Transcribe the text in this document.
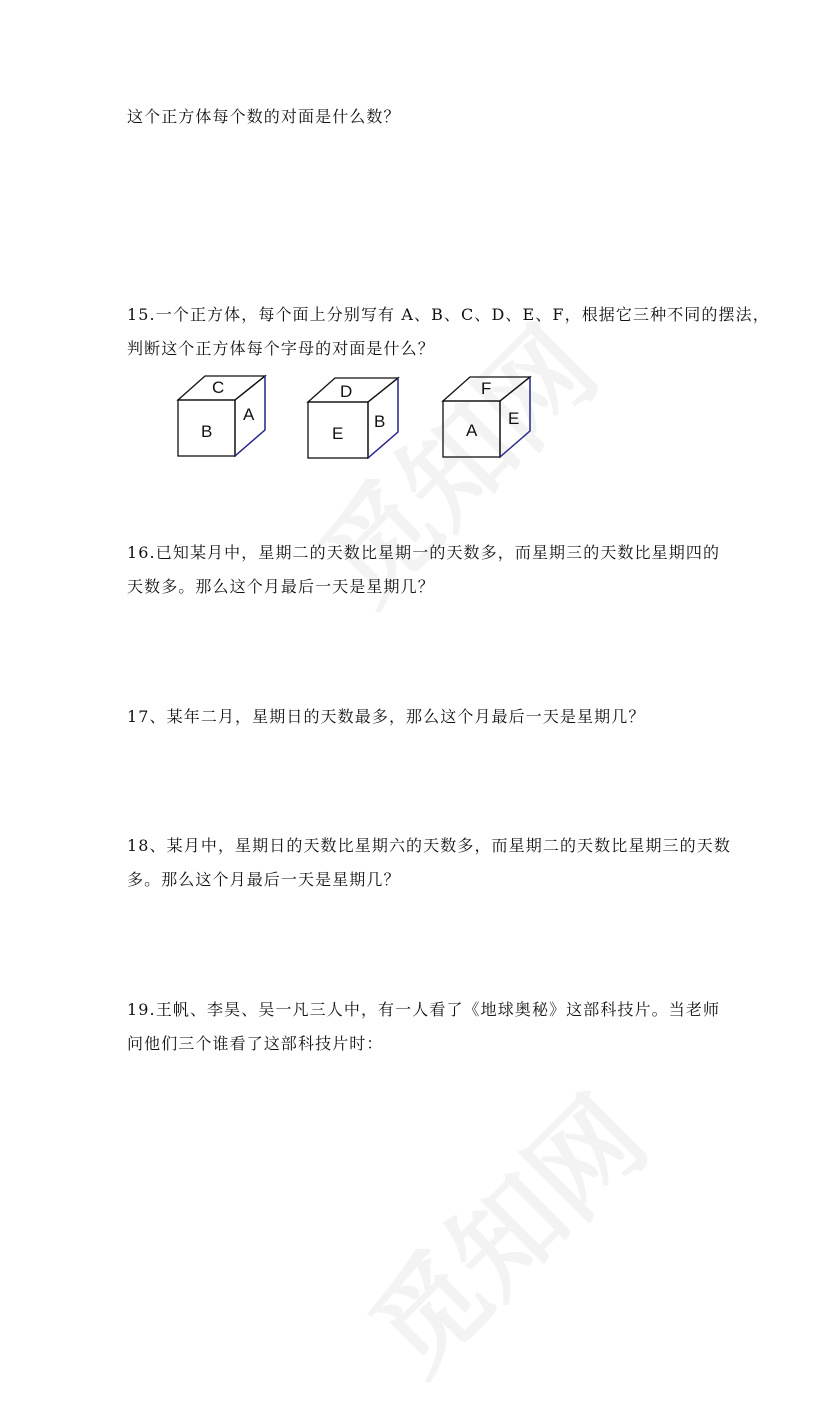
这个正方体每个数的对面是什么数？
15.一个正方体，每个面上分别写有 A、B、C、D、E、F，根据它三种不同的摆法，
判断这个正方体每个字母的对面是什么？
C
B
A
D
E
B
F
A
E
16.已知某月中，星期二的天数比星期一的天数多，而星期三的天数比星期四的
天数多。那么这个月最后一天是星期几？
17、某年二月，星期日的天数最多，那么这个月最后一天是星期几？
18、某月中，星期日的天数比星期六的天数多，而星期二的天数比星期三的天数
多。那么这个月最后一天是星期几？
19.王帆、李昊、吴一凡三人中，有一人看了《地球奥秘》这部科技片。当老师
问他们三个谁看了这部科技片时：
